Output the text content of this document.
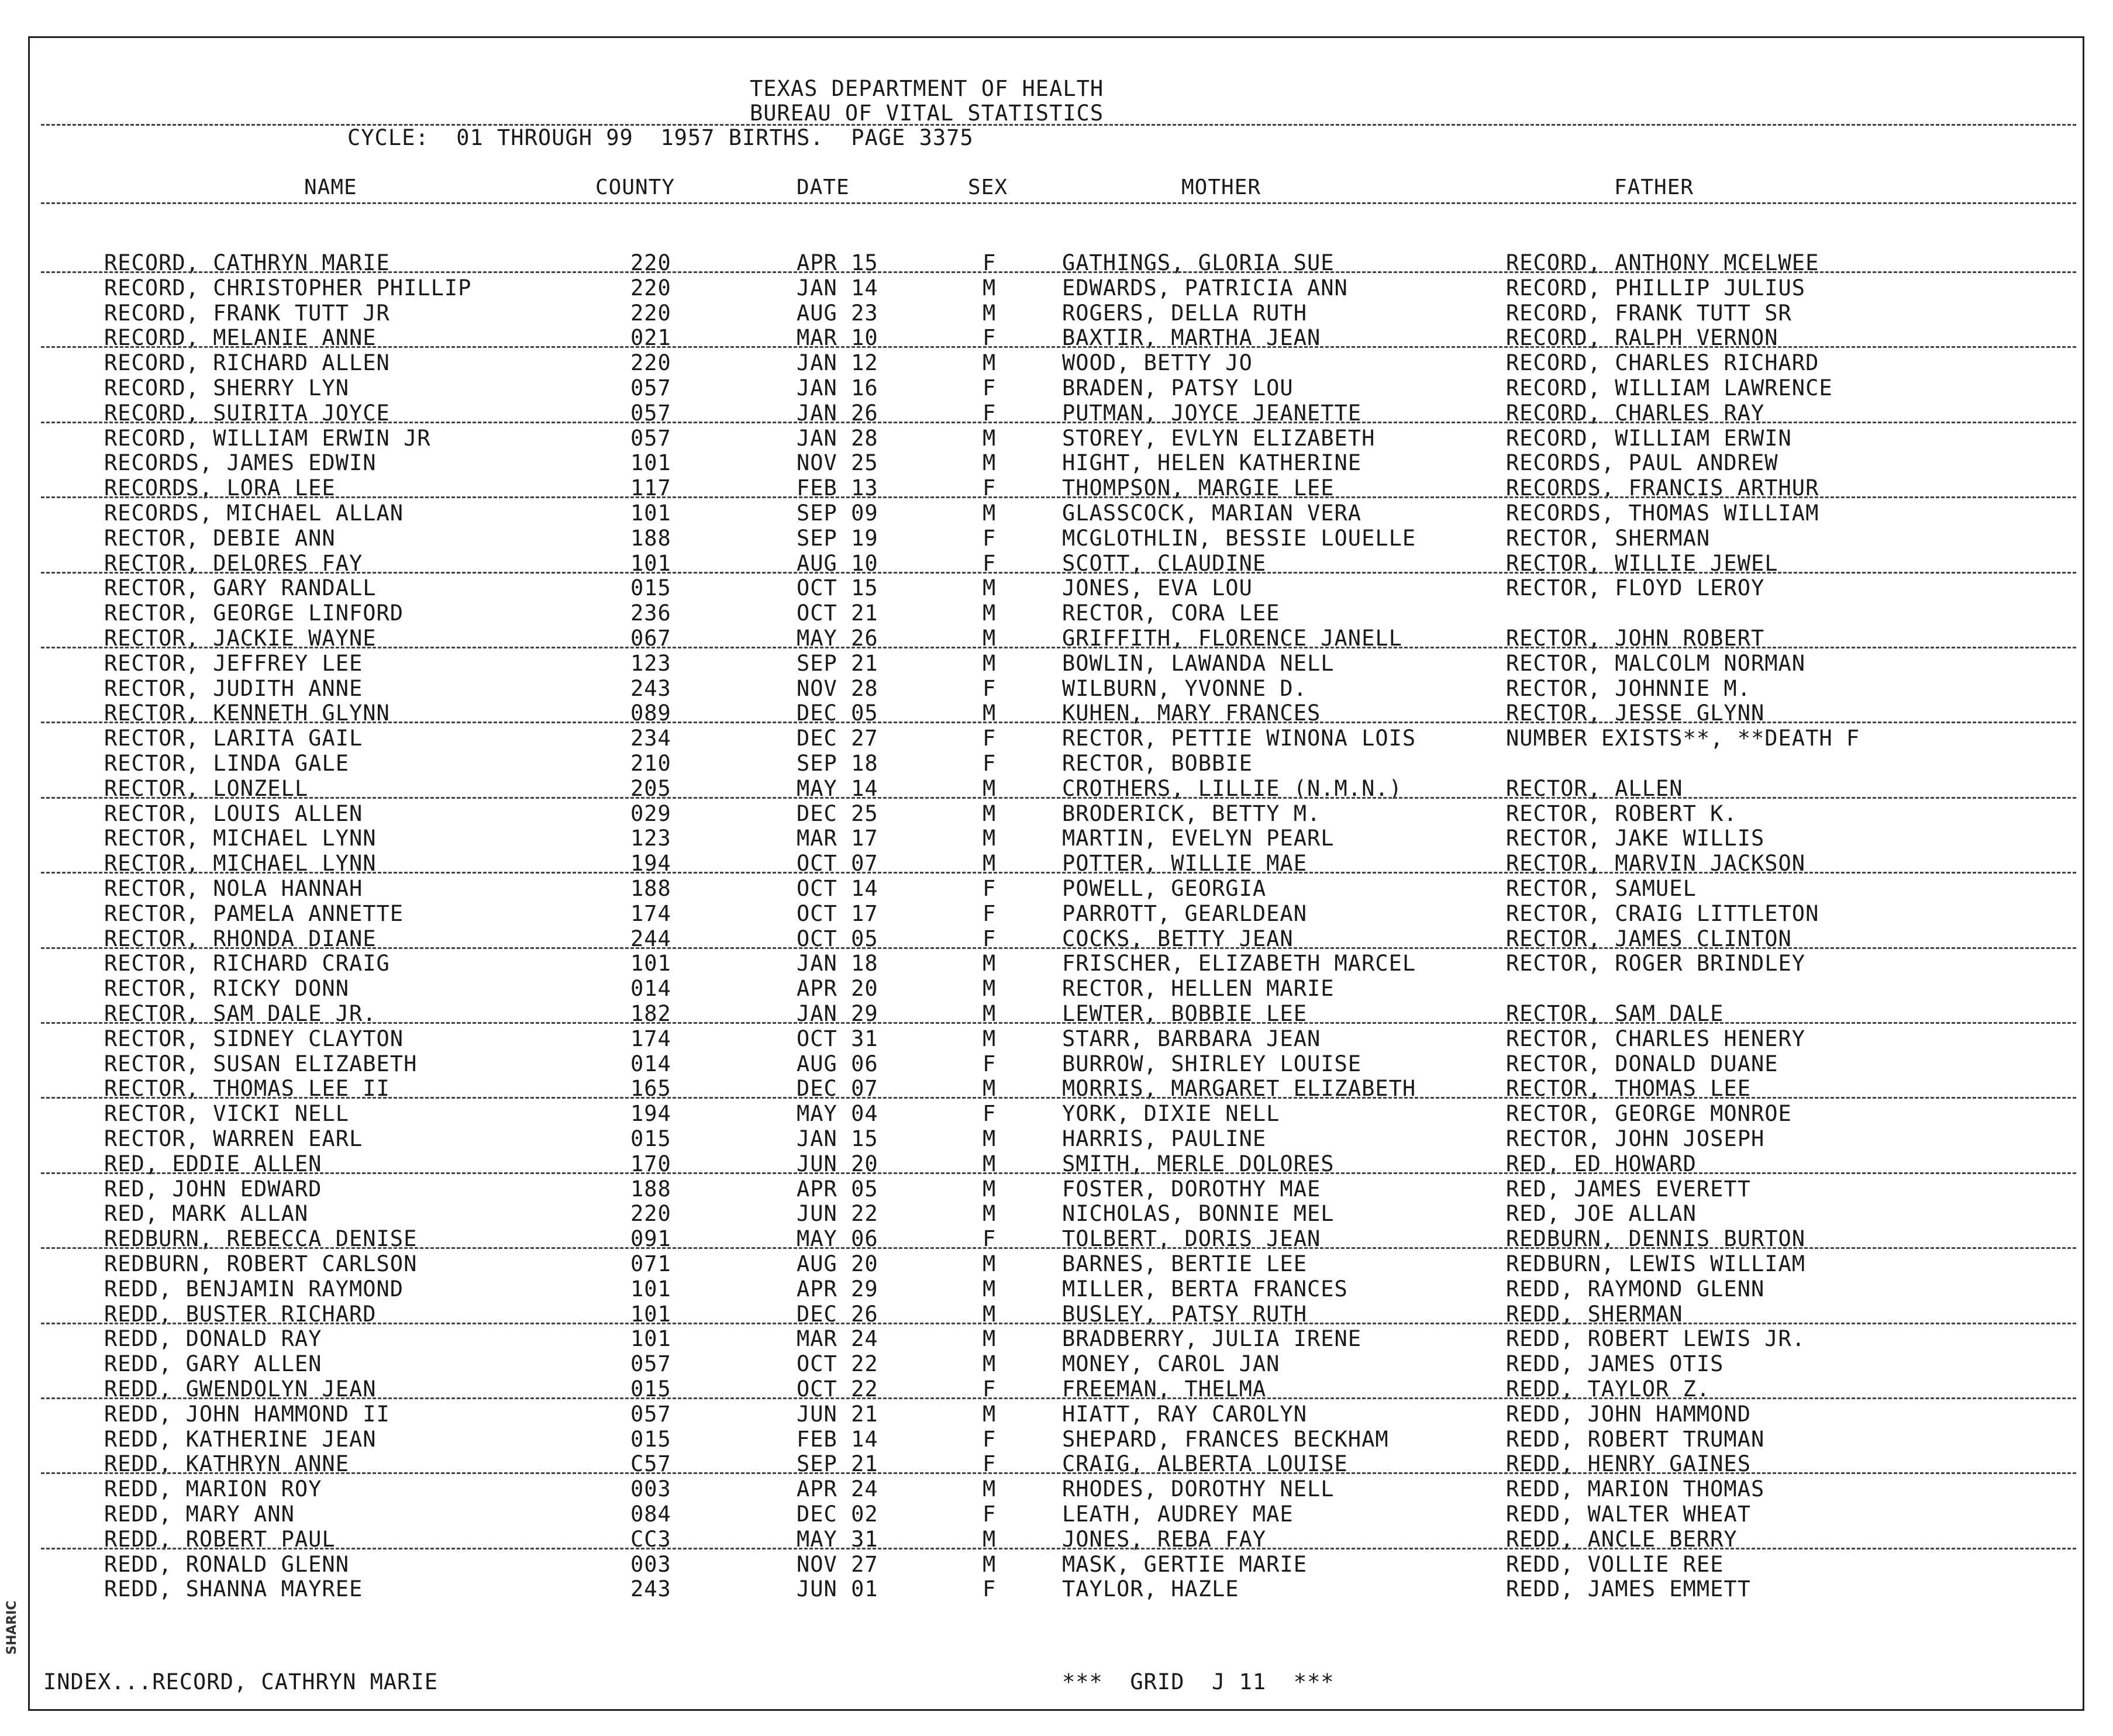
SHARIC
TEXAS DEPARTMENT OF HEALTH
BUREAU OF VITAL STATISTICS
CYCLE:  01 THROUGH 99  1957 BIRTHS.  PAGE 3375
NAME	COUNTY	DATE	SEX	MOTHER	FATHER
RECORD, CATHRYN MARIE	220	APR 15	F	GATHINGS, GLORIA SUE	RECORD, ANTHONY MCELWEE
RECORD, CHRISTOPHER PHILLIP	220	JAN 14	M	EDWARDS, PATRICIA ANN	RECORD, PHILLIP JULIUS
RECORD, FRANK TUTT JR	220	AUG 23	M	ROGERS, DELLA RUTH	RECORD, FRANK TUTT SR
RECORD, MELANIE ANNE	021	MAR 10	F	BAXTIR, MARTHA JEAN	RECORD, RALPH VERNON
RECORD, RICHARD ALLEN	220	JAN 12	M	WOOD, BETTY JO	RECORD, CHARLES RICHARD
RECORD, SHERRY LYN	057	JAN 16	F	BRADEN, PATSY LOU	RECORD, WILLIAM LAWRENCE
RECORD, SUIRITA JOYCE	057	JAN 26	F	PUTMAN, JOYCE JEANETTE	RECORD, CHARLES RAY
RECORD, WILLIAM ERWIN JR	057	JAN 28	M	STOREY, EVLYN ELIZABETH	RECORD, WILLIAM ERWIN
RECORDS, JAMES EDWIN	101	NOV 25	M	HIGHT, HELEN KATHERINE	RECORDS, PAUL ANDREW
RECORDS, LORA LEE	117	FEB 13	F	THOMPSON, MARGIE LEE	RECORDS, FRANCIS ARTHUR
RECORDS, MICHAEL ALLAN	101	SEP 09	M	GLASSCOCK, MARIAN VERA	RECORDS, THOMAS WILLIAM
RECTOR, DEBIE ANN	188	SEP 19	F	MCGLOTHLIN, BESSIE LOUELLE	RECTOR, SHERMAN
RECTOR, DELORES FAY	101	AUG 10	F	SCOTT, CLAUDINE	RECTOR, WILLIE JEWEL
RECTOR, GARY RANDALL	015	OCT 15	M	JONES, EVA LOU	RECTOR, FLOYD LEROY
RECTOR, GEORGE LINFORD	236	OCT 21	M	RECTOR, CORA LEE
RECTOR, JACKIE WAYNE	067	MAY 26	M	GRIFFITH, FLORENCE JANELL	RECTOR, JOHN ROBERT
RECTOR, JEFFREY LEE	123	SEP 21	M	BOWLIN, LAWANDA NELL	RECTOR, MALCOLM NORMAN
RECTOR, JUDITH ANNE	243	NOV 28	F	WILBURN, YVONNE D.	RECTOR, JOHNNIE M.
RECTOR, KENNETH GLYNN	089	DEC 05	M	KUHEN, MARY FRANCES	RECTOR, JESSE GLYNN
RECTOR, LARITA GAIL	234	DEC 27	F	RECTOR, PETTIE WINONA LOIS	NUMBER EXISTS**, **DEATH F
RECTOR, LINDA GALE	210	SEP 18	F	RECTOR, BOBBIE
RECTOR, LONZELL	205	MAY 14	M	CROTHERS, LILLIE (N.M.N.)	RECTOR, ALLEN
RECTOR, LOUIS ALLEN	029	DEC 25	M	BRODERICK, BETTY M.	RECTOR, ROBERT K.
RECTOR, MICHAEL LYNN	123	MAR 17	M	MARTIN, EVELYN PEARL	RECTOR, JAKE WILLIS
RECTOR, MICHAEL LYNN	194	OCT 07	M	POTTER, WILLIE MAE	RECTOR, MARVIN JACKSON
RECTOR, NOLA HANNAH	188	OCT 14	F	POWELL, GEORGIA	RECTOR, SAMUEL
RECTOR, PAMELA ANNETTE	174	OCT 17	F	PARROTT, GEARLDEAN	RECTOR, CRAIG LITTLETON
RECTOR, RHONDA DIANE	244	OCT 05	F	COCKS, BETTY JEAN	RECTOR, JAMES CLINTON
RECTOR, RICHARD CRAIG	101	JAN 18	M	FRISCHER, ELIZABETH MARCEL	RECTOR, ROGER BRINDLEY
RECTOR, RICKY DONN	014	APR 20	M	RECTOR, HELLEN MARIE
RECTOR, SAM DALE JR.	182	JAN 29	M	LEWTER, BOBBIE LEE	RECTOR, SAM DALE
RECTOR, SIDNEY CLAYTON	174	OCT 31	M	STARR, BARBARA JEAN	RECTOR, CHARLES HENERY
RECTOR, SUSAN ELIZABETH	014	AUG 06	F	BURROW, SHIRLEY LOUISE	RECTOR, DONALD DUANE
RECTOR, THOMAS LEE II	165	DEC 07	M	MORRIS, MARGARET ELIZABETH	RECTOR, THOMAS LEE
RECTOR, VICKI NELL	194	MAY 04	F	YORK, DIXIE NELL	RECTOR, GEORGE MONROE
RECTOR, WARREN EARL	015	JAN 15	M	HARRIS, PAULINE	RECTOR, JOHN JOSEPH
RED, EDDIE ALLEN	170	JUN 20	M	SMITH, MERLE DOLORES	RED, ED HOWARD
RED, JOHN EDWARD	188	APR 05	M	FOSTER, DOROTHY MAE	RED, JAMES EVERETT
RED, MARK ALLAN	220	JUN 22	M	NICHOLAS, BONNIE MEL	RED, JOE ALLAN
REDBURN, REBECCA DENISE	091	MAY 06	F	TOLBERT, DORIS JEAN	REDBURN, DENNIS BURTON
REDBURN, ROBERT CARLSON	071	AUG 20	M	BARNES, BERTIE LEE	REDBURN, LEWIS WILLIAM
REDD, BENJAMIN RAYMOND	101	APR 29	M	MILLER, BERTA FRANCES	REDD, RAYMOND GLENN
REDD, BUSTER RICHARD	101	DEC 26	M	BUSLEY, PATSY RUTH	REDD, SHERMAN
REDD, DONALD RAY	101	MAR 24	M	BRADBERRY, JULIA IRENE	REDD, ROBERT LEWIS JR.
REDD, GARY ALLEN	057	OCT 22	M	MONEY, CAROL JAN	REDD, JAMES OTIS
REDD, GWENDOLYN JEAN	015	OCT 22	F	FREEMAN, THELMA	REDD, TAYLOR Z.
REDD, JOHN HAMMOND II	057	JUN 21	M	HIATT, RAY CAROLYN	REDD, JOHN HAMMOND
REDD, KATHERINE JEAN	015	FEB 14	F	SHEPARD, FRANCES BECKHAM	REDD, ROBERT TRUMAN
REDD, KATHRYN ANNE	C57	SEP 21	F	CRAIG, ALBERTA LOUISE	REDD, HENRY GAINES
REDD, MARION ROY	003	APR 24	M	RHODES, DOROTHY NELL	REDD, MARION THOMAS
REDD, MARY ANN	084	DEC 02	F	LEATH, AUDREY MAE	REDD, WALTER WHEAT
REDD, ROBERT PAUL	CC3	MAY 31	M	JONES, REBA FAY	REDD, ANCLE BERRY
REDD, RONALD GLENN	003	NOV 27	M	MASK, GERTIE MARIE	REDD, VOLLIE REE
REDD, SHANNA MAYREE	243	JUN 01	F	TAYLOR, HAZLE	REDD, JAMES EMMETT
INDEX...RECORD, CATHRYN MARIE	***  GRID  J 11  ***
